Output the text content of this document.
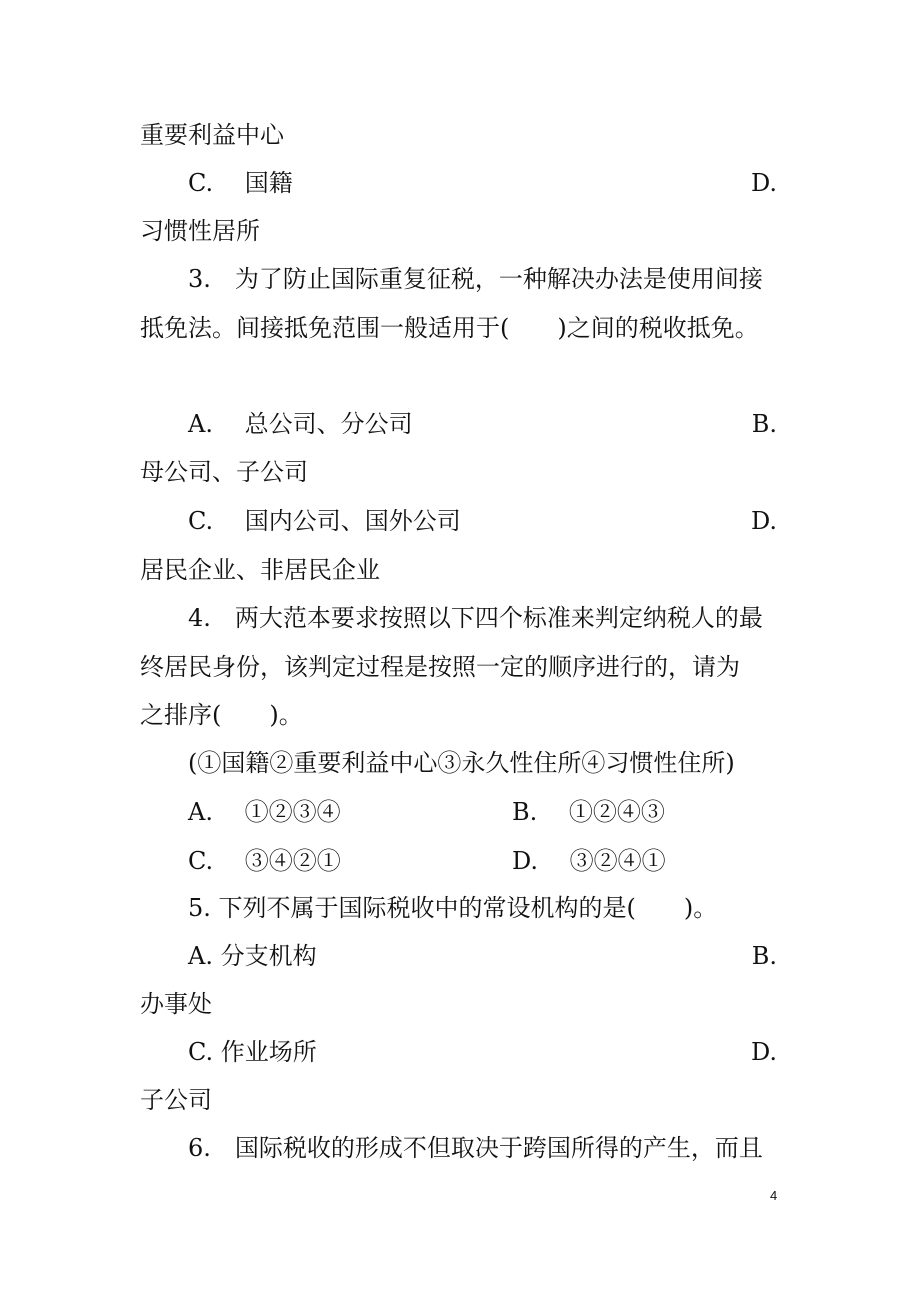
重要利益中心
C.　 国籍	D.
习惯性居所
3.　为了防止国际重复征税，一种解决办法是使用间接
抵免法。间接抵免范围一般适用于(　　)之间的税收抵免。
A.　 总公司、分公司	B.
母公司、子公司
C.　 国内公司、国外公司	D.
居民企业、非居民企业
4.　两大范本要求按照以下四个标准来判定纳税人的最
终居民身份，该判定过程是按照一定的顺序进行的，请为
之排序(　　)。
(①国籍②重要利益中心③永久性住所④习惯性住所)
A.　 ①②③④	B.　 ①②④③
C.　 ③④②①	D.　 ③②④①
5. 下列不属于国际税收中的常设机构的是(　　)。
A. 分支机构	B.
办事处
C. 作业场所	D.
子公司
6.　国际税收的形成不但取决于跨国所得的产生，而且
4
